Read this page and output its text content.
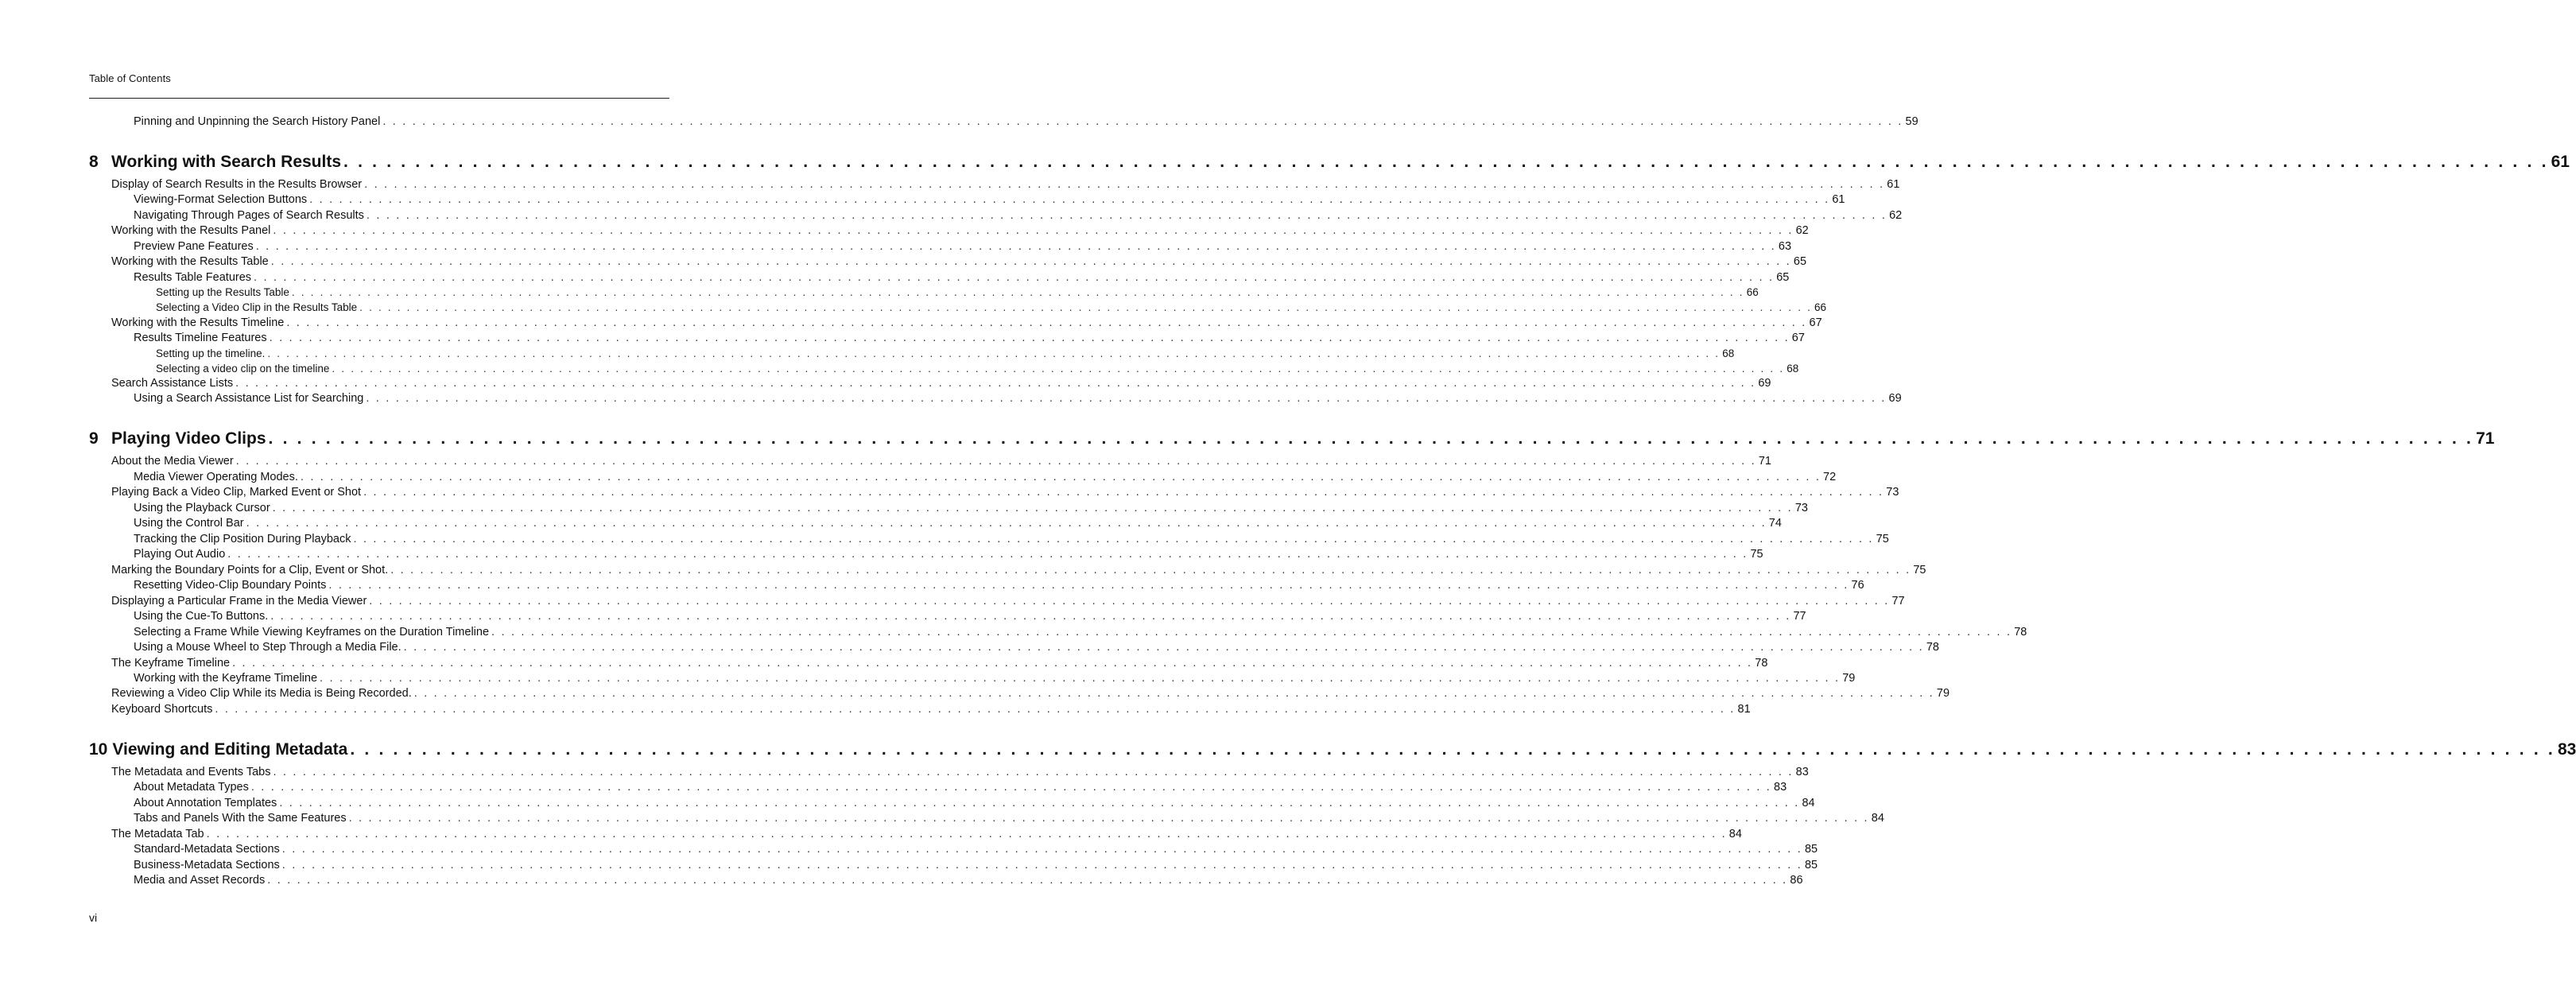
Table of Contents
Pinning and Unpinning the Search History Panel . . . . . . . . . . . . . . . . . . . . . . . . . . . . . . . . . . . . . . . . . . . . . . . . . . . . . . . . . . . . . . . . . . . . . . . . . . . . . . . . . . . . . . . . . . . . . . . . . . . . . . . . . . . . . . . . . . . . . . . . . . . . . . . . . . . . . . . . . . . . . . . . . . . . . . . . . . 59
8 Working with Search Results . . . . . . . . . . . . . . . . . . . . . . . . . . . . . . . . . . . . . . . . . . . . . . . . . . . . . . . . . . . . . . . . . . . . . . . . . . . . . . . . . . . . . . . . . . . . . . . . . . . . . . . . . . . . . . . . . . . . . . . . . . . . . . . . . . . . . . . . . . . . . . . . . . . . . . . . . . 61
Display of Search Results in the Results Browser . . . . . . . . . . . . . . . . . . . . . . . . . . . . . . . . . . . . . . . . . . . . . . . . . . . . . . . . . . . . . . . . . . . . . . . . . . . . . . . . . . . . . . . . . . . . . . . . . . . . . . . . . . . . . . . . . . . . . . . . . . . . . . . . . . . . . . . . . . . . . . . . . . . . . . . . . . 61
Viewing-Format Selection Buttons . . . . . . . . . . . . . . . . . . . . . . . . . . . . . . . . . . . . . . . . . . . . . . . . . . . . . . . . . . . . . . . . . . . . . . . . . . . . . . . . . . . . . . . . . . . . . . . . . . . . . . . . . . . . . . . . . . . . . . . . . . . . . . . . . . . . . . . . . . . . . . . . . . . . . . . . . . 61
Navigating Through Pages of Search Results . . . . . . . . . . . . . . . . . . . . . . . . . . . . . . . . . . . . . . . . . . . . . . . . . . . . . . . . . . . . . . . . . . . . . . . . . . . . . . . . . . . . . . . . . . . . . . . . . . . . . . . . . . . . . . . . . . . . . . . . . . . . . . . . . . . . . . . . . . . . . . . . . . . . . . . . . . 62
Working with the Results Panel . . . . . . . . . . . . . . . . . . . . . . . . . . . . . . . . . . . . . . . . . . . . . . . . . . . . . . . . . . . . . . . . . . . . . . . . . . . . . . . . . . . . . . . . . . . . . . . . . . . . . . . . . . . . . . . . . . . . . . . . . . . . . . . . . . . . . . . . . . . . . . . . . . . . . . . . . . 62
Preview Pane Features . . . . . . . . . . . . . . . . . . . . . . . . . . . . . . . . . . . . . . . . . . . . . . . . . . . . . . . . . . . . . . . . . . . . . . . . . . . . . . . . . . . . . . . . . . . . . . . . . . . . . . . . . . . . . . . . . . . . . . . . . . . . . . . . . . . . . . . . . . . . . . . . . . . . . . . . . . 63
Working with the Results Table . . . . . . . . . . . . . . . . . . . . . . . . . . . . . . . . . . . . . . . . . . . . . . . . . . . . . . . . . . . . . . . . . . . . . . . . . . . . . . . . . . . . . . . . . . . . . . . . . . . . . . . . . . . . . . . . . . . . . . . . . . . . . . . . . . . . . . . . . . . . . . . . . . . . . . . . . . 65
Results Table Features . . . . . . . . . . . . . . . . . . . . . . . . . . . . . . . . . . . . . . . . . . . . . . . . . . . . . . . . . . . . . . . . . . . . . . . . . . . . . . . . . . . . . . . . . . . . . . . . . . . . . . . . . . . . . . . . . . . . . . . . . . . . . . . . . . . . . . . . . . . . . . . . . . . . . . . . . . 65
Setting up the Results Table . . . . . . . . . . . . . . . . . . . . . . . . . . . . . . . . . . . . . . . . . . . . . . . . . . . . . . . . . . . . . . . . . . . . . . . . . . . . . . . . . . . . . . . . . . . . . . . . . . . . . . . . . . . . . . . . . . . . . . . . . . . . . . . . . . . . . . . . . . . . . . . . . . . . . . . . . . 66
Selecting a Video Clip in the Results Table . . . . . . . . . . . . . . . . . . . . . . . . . . . . . . . . . . . . . . . . . . . . . . . . . . . . . . . . . . . . . . . . . . . . . . . . . . . . . . . . . . . . . . . . . . . . . . . . . . . . . . . . . . . . . . . . . . . . . . . . . . . . . . . . . . . . . . . . . . . . . . . . . . . . . . . . . . 66
Working with the Results Timeline . . . . . . . . . . . . . . . . . . . . . . . . . . . . . . . . . . . . . . . . . . . . . . . . . . . . . . . . . . . . . . . . . . . . . . . . . . . . . . . . . . . . . . . . . . . . . . . . . . . . . . . . . . . . . . . . . . . . . . . . . . . . . . . . . . . . . . . . . . . . . . . . . . . . . . . . . . 67
Results Timeline Features . . . . . . . . . . . . . . . . . . . . . . . . . . . . . . . . . . . . . . . . . . . . . . . . . . . . . . . . . . . . . . . . . . . . . . . . . . . . . . . . . . . . . . . . . . . . . . . . . . . . . . . . . . . . . . . . . . . . . . . . . . . . . . . . . . . . . . . . . . . . . . . . . . . . . . . . . . 67
Setting up the timeline. . . . . . . . . . . . . . . . . . . . . . . . . . . . . . . . . . . . . . . . . . . . . . . . . . . . . . . . . . . . . . . . . . . . . . . . . . . . . . . . . . . . . . . . . . . . . . . . . . . . . . . . . . . . . . . . . . . . . . . . . . . . . . . . . . . . . . . . . . . . . . . . . . . . . . . . . . . 68
Selecting a video clip on the timeline . . . . . . . . . . . . . . . . . . . . . . . . . . . . . . . . . . . . . . . . . . . . . . . . . . . . . . . . . . . . . . . . . . . . . . . . . . . . . . . . . . . . . . . . . . . . . . . . . . . . . . . . . . . . . . . . . . . . . . . . . . . . . . . . . . . . . . . . . . . . . . . . . . . . . . . . . . 68
Search Assistance Lists . . . . . . . . . . . . . . . . . . . . . . . . . . . . . . . . . . . . . . . . . . . . . . . . . . . . . . . . . . . . . . . . . . . . . . . . . . . . . . . . . . . . . . . . . . . . . . . . . . . . . . . . . . . . . . . . . . . . . . . . . . . . . . . . . . . . . . . . . . . . . . . . . . . . . . . . . . 69
Using a Search Assistance List for Searching . . . . . . . . . . . . . . . . . . . . . . . . . . . . . . . . . . . . . . . . . . . . . . . . . . . . . . . . . . . . . . . . . . . . . . . . . . . . . . . . . . . . . . . . . . . . . . . . . . . . . . . . . . . . . . . . . . . . . . . . . . . . . . . . . . . . . . . . . . . . . . . . . . . . . . . . . . 69
9 Playing Video Clips . . . . . . . . . . . . . . . . . . . . . . . . . . . . . . . . . . . . . . . . . . . . . . . . . . . . . . . . . . . . . . . . . . . . . . . . . . . . . . . . . . . . . . . . . . . . . . . . . . . . . . . . . . . . . . . . . . . . . . . . . . . . . . . . . . . . . . . . . . . . . . . . . . . . . . . . . . 71
About the Media Viewer . . . . . . . . . . . . . . . . . . . . . . . . . . . . . . . . . . . . . . . . . . . . . . . . . . . . . . . . . . . . . . . . . . . . . . . . . . . . . . . . . . . . . . . . . . . . . . . . . . . . . . . . . . . . . . . . . . . . . . . . . . . . . . . . . . . . . . . . . . . . . . . . . . . . . . . . . . 71
Media Viewer Operating Modes. . . . . . . . . . . . . . . . . . . . . . . . . . . . . . . . . . . . . . . . . . . . . . . . . . . . . . . . . . . . . . . . . . . . . . . . . . . . . . . . . . . . . . . . . . . . . . . . . . . . . . . . . . . . . . . . . . . . . . . . . . . . . . . . . . . . . . . . . . . . . . . . . . . . . . . . . . . 72
Playing Back a Video Clip, Marked Event or Shot . . . . . . . . . . . . . . . . . . . . . . . . . . . . . . . . . . . . . . . . . . . . . . . . . . . . . . . . . . . . . . . . . . . . . . . . . . . . . . . . . . . . . . . . . . . . . . . . . . . . . . . . . . . . . . . . . . . . . . . . . . . . . . . . . . . . . . . . . . . . . . . . . . . . . . . . . . 73
Using the Playback Cursor . . . . . . . . . . . . . . . . . . . . . . . . . . . . . . . . . . . . . . . . . . . . . . . . . . . . . . . . . . . . . . . . . . . . . . . . . . . . . . . . . . . . . . . . . . . . . . . . . . . . . . . . . . . . . . . . . . . . . . . . . . . . . . . . . . . . . . . . . . . . . . . . . . . . . . . . . . 73
Using the Control Bar . . . . . . . . . . . . . . . . . . . . . . . . . . . . . . . . . . . . . . . . . . . . . . . . . . . . . . . . . . . . . . . . . . . . . . . . . . . . . . . . . . . . . . . . . . . . . . . . . . . . . . . . . . . . . . . . . . . . . . . . . . . . . . . . . . . . . . . . . . . . . . . . . . . . . . . . . . 74
Tracking the Clip Position During Playback . . . . . . . . . . . . . . . . . . . . . . . . . . . . . . . . . . . . . . . . . . . . . . . . . . . . . . . . . . . . . . . . . . . . . . . . . . . . . . . . . . . . . . . . . . . . . . . . . . . . . . . . . . . . . . . . . . . . . . . . . . . . . . . . . . . . . . . . . . . . . . . . . . . . . . . . . . 75
Playing Out Audio . . . . . . . . . . . . . . . . . . . . . . . . . . . . . . . . . . . . . . . . . . . . . . . . . . . . . . . . . . . . . . . . . . . . . . . . . . . . . . . . . . . . . . . . . . . . . . . . . . . . . . . . . . . . . . . . . . . . . . . . . . . . . . . . . . . . . . . . . . . . . . . . . . . . . . . . . . 75
Marking the Boundary Points for a Clip, Event or Shot. . . . . . . . . . . . . . . . . . . . . . . . . . . . . . . . . . . . . . . . . . . . . . . . . . . . . . . . . . . . . . . . . . . . . . . . . . . . . . . . . . . . . . . . . . . . . . . . . . . . . . . . . . . . . . . . . . . . . . . . . . . . . . . . . . . . . . . . . . . . . . . . . . . . . . . . . . . 75
Resetting Video-Clip Boundary Points . . . . . . . . . . . . . . . . . . . . . . . . . . . . . . . . . . . . . . . . . . . . . . . . . . . . . . . . . . . . . . . . . . . . . . . . . . . . . . . . . . . . . . . . . . . . . . . . . . . . . . . . . . . . . . . . . . . . . . . . . . . . . . . . . . . . . . . . . . . . . . . . . . . . . . . . . . 76
Displaying a Particular Frame in the Media Viewer . . . . . . . . . . . . . . . . . . . . . . . . . . . . . . . . . . . . . . . . . . . . . . . . . . . . . . . . . . . . . . . . . . . . . . . . . . . . . . . . . . . . . . . . . . . . . . . . . . . . . . . . . . . . . . . . . . . . . . . . . . . . . . . . . . . . . . . . . . . . . . . . . . . . . . . . . . 77
Using the Cue-To Buttons. . . . . . . . . . . . . . . . . . . . . . . . . . . . . . . . . . . . . . . . . . . . . . . . . . . . . . . . . . . . . . . . . . . . . . . . . . . . . . . . . . . . . . . . . . . . . . . . . . . . . . . . . . . . . . . . . . . . . . . . . . . . . . . . . . . . . . . . . . . . . . . . . . . . . . . . . . . 77
Selecting a Frame While Viewing Keyframes on the Duration Timeline . . . . . . . . . . . . . . . . . . . . . . . . . . . . . . . . . . . . . . . . . . . . . . . . . . . . . . . . . . . . . . . . . . . . . . . . . . . . . . . . . . . . . . . . . . . . . . . . . . . . . . . . . . . . . . . . . . . . . . . . . . . . . . . . . . . . . . . . . . . . . . . . . . . . . . . . . . 78
Using a Mouse Wheel to Step Through a Media File. . . . . . . . . . . . . . . . . . . . . . . . . . . . . . . . . . . . . . . . . . . . . . . . . . . . . . . . . . . . . . . . . . . . . . . . . . . . . . . . . . . . . . . . . . . . . . . . . . . . . . . . . . . . . . . . . . . . . . . . . . . . . . . . . . . . . . . . . . . . . . . . . . . . . . . . . . . 78
The Keyframe Timeline . . . . . . . . . . . . . . . . . . . . . . . . . . . . . . . . . . . . . . . . . . . . . . . . . . . . . . . . . . . . . . . . . . . . . . . . . . . . . . . . . . . . . . . . . . . . . . . . . . . . . . . . . . . . . . . . . . . . . . . . . . . . . . . . . . . . . . . . . . . . . . . . . . . . . . . . . . 78
Working with the Keyframe Timeline . . . . . . . . . . . . . . . . . . . . . . . . . . . . . . . . . . . . . . . . . . . . . . . . . . . . . . . . . . . . . . . . . . . . . . . . . . . . . . . . . . . . . . . . . . . . . . . . . . . . . . . . . . . . . . . . . . . . . . . . . . . . . . . . . . . . . . . . . . . . . . . . . . . . . . . . . . 79
Reviewing a Video Clip While its Media is Being Recorded. . . . . . . . . . . . . . . . . . . . . . . . . . . . . . . . . . . . . . . . . . . . . . . . . . . . . . . . . . . . . . . . . . . . . . . . . . . . . . . . . . . . . . . . . . . . . . . . . . . . . . . . . . . . . . . . . . . . . . . . . . . . . . . . . . . . . . . . . . . . . . . . . . . . . . . . . . . 79
Keyboard Shortcuts . . . . . . . . . . . . . . . . . . . . . . . . . . . . . . . . . . . . . . . . . . . . . . . . . . . . . . . . . . . . . . . . . . . . . . . . . . . . . . . . . . . . . . . . . . . . . . . . . . . . . . . . . . . . . . . . . . . . . . . . . . . . . . . . . . . . . . . . . . . . . . . . . . . . . . . . . . 81
10 Viewing and Editing Metadata . . . . . . . . . . . . . . . . . . . . . . . . . . . . . . . . . . . . . . . . . . . . . . . . . . . . . . . . . . . . . . . . . . . . . . . . . . . . . . . . . . . . . . . . . . . . . . . . . . . . . . . . . . . . . . . . . . . . . . . . . . . . . . . . . . . . . . . . . . . . . . . . . . . . . . . . . . 83
The Metadata and Events Tabs . . . . . . . . . . . . . . . . . . . . . . . . . . . . . . . . . . . . . . . . . . . . . . . . . . . . . . . . . . . . . . . . . . . . . . . . . . . . . . . . . . . . . . . . . . . . . . . . . . . . . . . . . . . . . . . . . . . . . . . . . . . . . . . . . . . . . . . . . . . . . . . . . . . . . . . . . . 83
About Metadata Types . . . . . . . . . . . . . . . . . . . . . . . . . . . . . . . . . . . . . . . . . . . . . . . . . . . . . . . . . . . . . . . . . . . . . . . . . . . . . . . . . . . . . . . . . . . . . . . . . . . . . . . . . . . . . . . . . . . . . . . . . . . . . . . . . . . . . . . . . . . . . . . . . . . . . . . . . . 83
About Annotation Templates . . . . . . . . . . . . . . . . . . . . . . . . . . . . . . . . . . . . . . . . . . . . . . . . . . . . . . . . . . . . . . . . . . . . . . . . . . . . . . . . . . . . . . . . . . . . . . . . . . . . . . . . . . . . . . . . . . . . . . . . . . . . . . . . . . . . . . . . . . . . . . . . . . . . . . . . . . 84
Tabs and Panels With the Same Features . . . . . . . . . . . . . . . . . . . . . . . . . . . . . . . . . . . . . . . . . . . . . . . . . . . . . . . . . . . . . . . . . . . . . . . . . . . . . . . . . . . . . . . . . . . . . . . . . . . . . . . . . . . . . . . . . . . . . . . . . . . . . . . . . . . . . . . . . . . . . . . . . . . . . . . . . . 84
The Metadata Tab . . . . . . . . . . . . . . . . . . . . . . . . . . . . . . . . . . . . . . . . . . . . . . . . . . . . . . . . . . . . . . . . . . . . . . . . . . . . . . . . . . . . . . . . . . . . . . . . . . . . . . . . . . . . . . . . . . . . . . . . . . . . . . . . . . . . . . . . . . . . . . . . . . . . . . . . . . 84
Standard-Metadata Sections . . . . . . . . . . . . . . . . . . . . . . . . . . . . . . . . . . . . . . . . . . . . . . . . . . . . . . . . . . . . . . . . . . . . . . . . . . . . . . . . . . . . . . . . . . . . . . . . . . . . . . . . . . . . . . . . . . . . . . . . . . . . . . . . . . . . . . . . . . . . . . . . . . . . . . . . . . 85
Business-Metadata Sections . . . . . . . . . . . . . . . . . . . . . . . . . . . . . . . . . . . . . . . . . . . . . . . . . . . . . . . . . . . . . . . . . . . . . . . . . . . . . . . . . . . . . . . . . . . . . . . . . . . . . . . . . . . . . . . . . . . . . . . . . . . . . . . . . . . . . . . . . . . . . . . . . . . . . . . . . . 85
Media and Asset Records . . . . . . . . . . . . . . . . . . . . . . . . . . . . . . . . . . . . . . . . . . . . . . . . . . . . . . . . . . . . . . . . . . . . . . . . . . . . . . . . . . . . . . . . . . . . . . . . . . . . . . . . . . . . . . . . . . . . . . . . . . . . . . . . . . . . . . . . . . . . . . . . . . . . . . . . . . 86
vi
